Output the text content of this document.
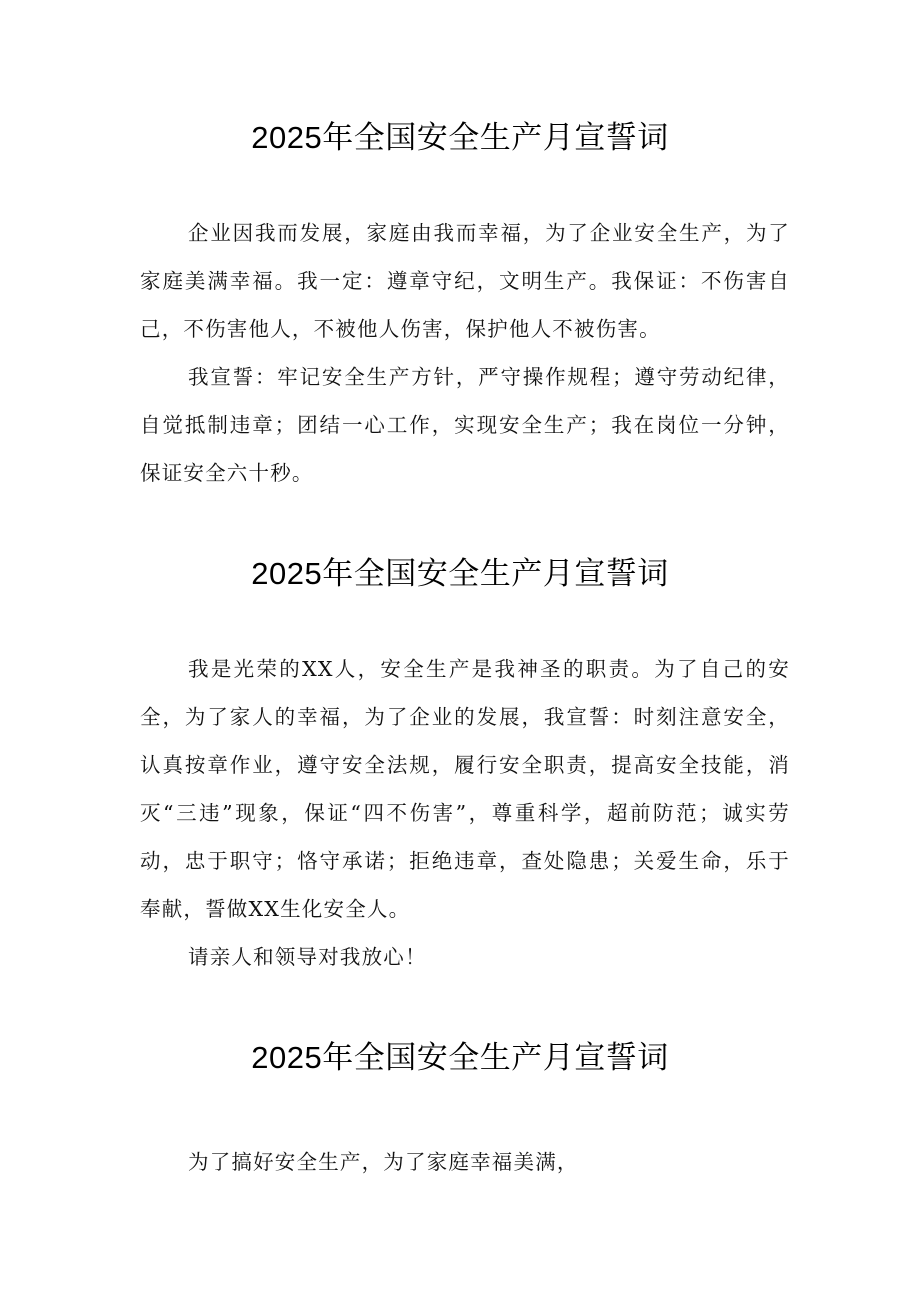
2025年全国安全生产月宣誓词

企业因我而发展，家庭由我而幸福，为了企业安全生产，为了家庭美满幸福。我一定：遵章守纪，文明生产。我保证：不伤害自己，不伤害他人，不被他人伤害，保护他人不被伤害。

我宣誓：牢记安全生产方针，严守操作规程；遵守劳动纪律，自觉抵制违章；团结一心工作，实现安全生产；我在岗位一分钟，保证安全六十秒。

2025年全国安全生产月宣誓词

我是光荣的XX人，安全生产是我神圣的职责。为了自己的安全，为了家人的幸福，为了企业的发展，我宣誓：时刻注意安全，认真按章作业，遵守安全法规，履行安全职责，提高安全技能，消灭“三违”现象，保证“四不伤害”，尊重科学，超前防范；诚实劳动，忠于职守；恪守承诺；拒绝违章，查处隐患；关爱生命，乐于奉献，誓做XX生化安全人。

请亲人和领导对我放心！

2025年全国安全生产月宣誓词

为了搞好安全生产，为了家庭幸福美满，
